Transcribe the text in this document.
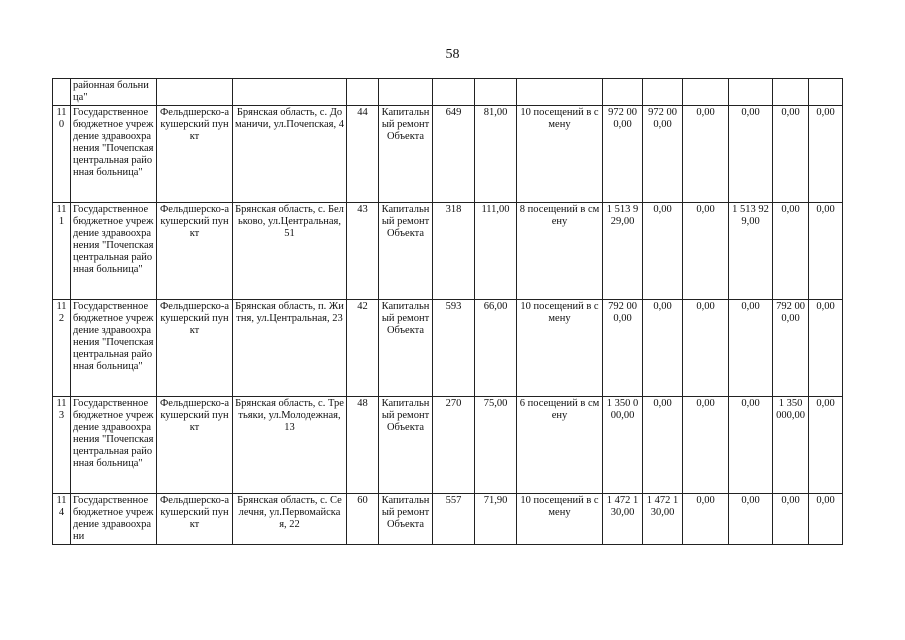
58
	районная больница"													
110	Государственное бюджетное учреждение здравоохранения "Почепская центральная районная больница"	Фельдшерско-акушерский пункт	Брянская область, с. Доманичи, ул.Почепская, 4	44	Капитальный ремонт Объекта	649	81,00	10 посещений в смену	972 000,00	972 000,00	0,00	0,00	0,00	0,00
111	Государственное бюджетное учреждение здравоохранения "Почепская центральная районная больница"	Фельдшерско-акушерский пункт	Брянская область, с. Бельково, ул.Центральная, 51	43	Капитальный ремонт Объекта	318	111,00	8 посещений в смену	1 513 929,00	0,00	0,00	1 513 929,00	0,00	0,00
112	Государственное бюджетное учреждение здравоохранения "Почепская центральная районная больница"	Фельдшерско-акушерский пункт	Брянская область, п. Житня, ул.Центральная, 23	42	Капитальный ремонт Объекта	593	66,00	10 посещений в смену	792 000,00	0,00	0,00	0,00	792 000,00	0,00
113	Государственное бюджетное учреждение здравоохранения "Почепская центральная районная больница"	Фельдшерско-акушерский пункт	Брянская область, с. Третьяки, ул.Молодежная, 13	48	Капитальный ремонт Объекта	270	75,00	6 посещений в смену	1 350 000,00	0,00	0,00	0,00	1 350 000,00	0,00
114	Государственное бюджетное учреждение здравоохрани	Фельдшерско-акушерский пункт	Брянская область, с. Селечня, ул.Первомайская, 22	60	Капитальный ремонт Объекта	557	71,90	10 посещений в смену	1 472 130,00	1 472 130,00	0,00	0,00	0,00	0,00
